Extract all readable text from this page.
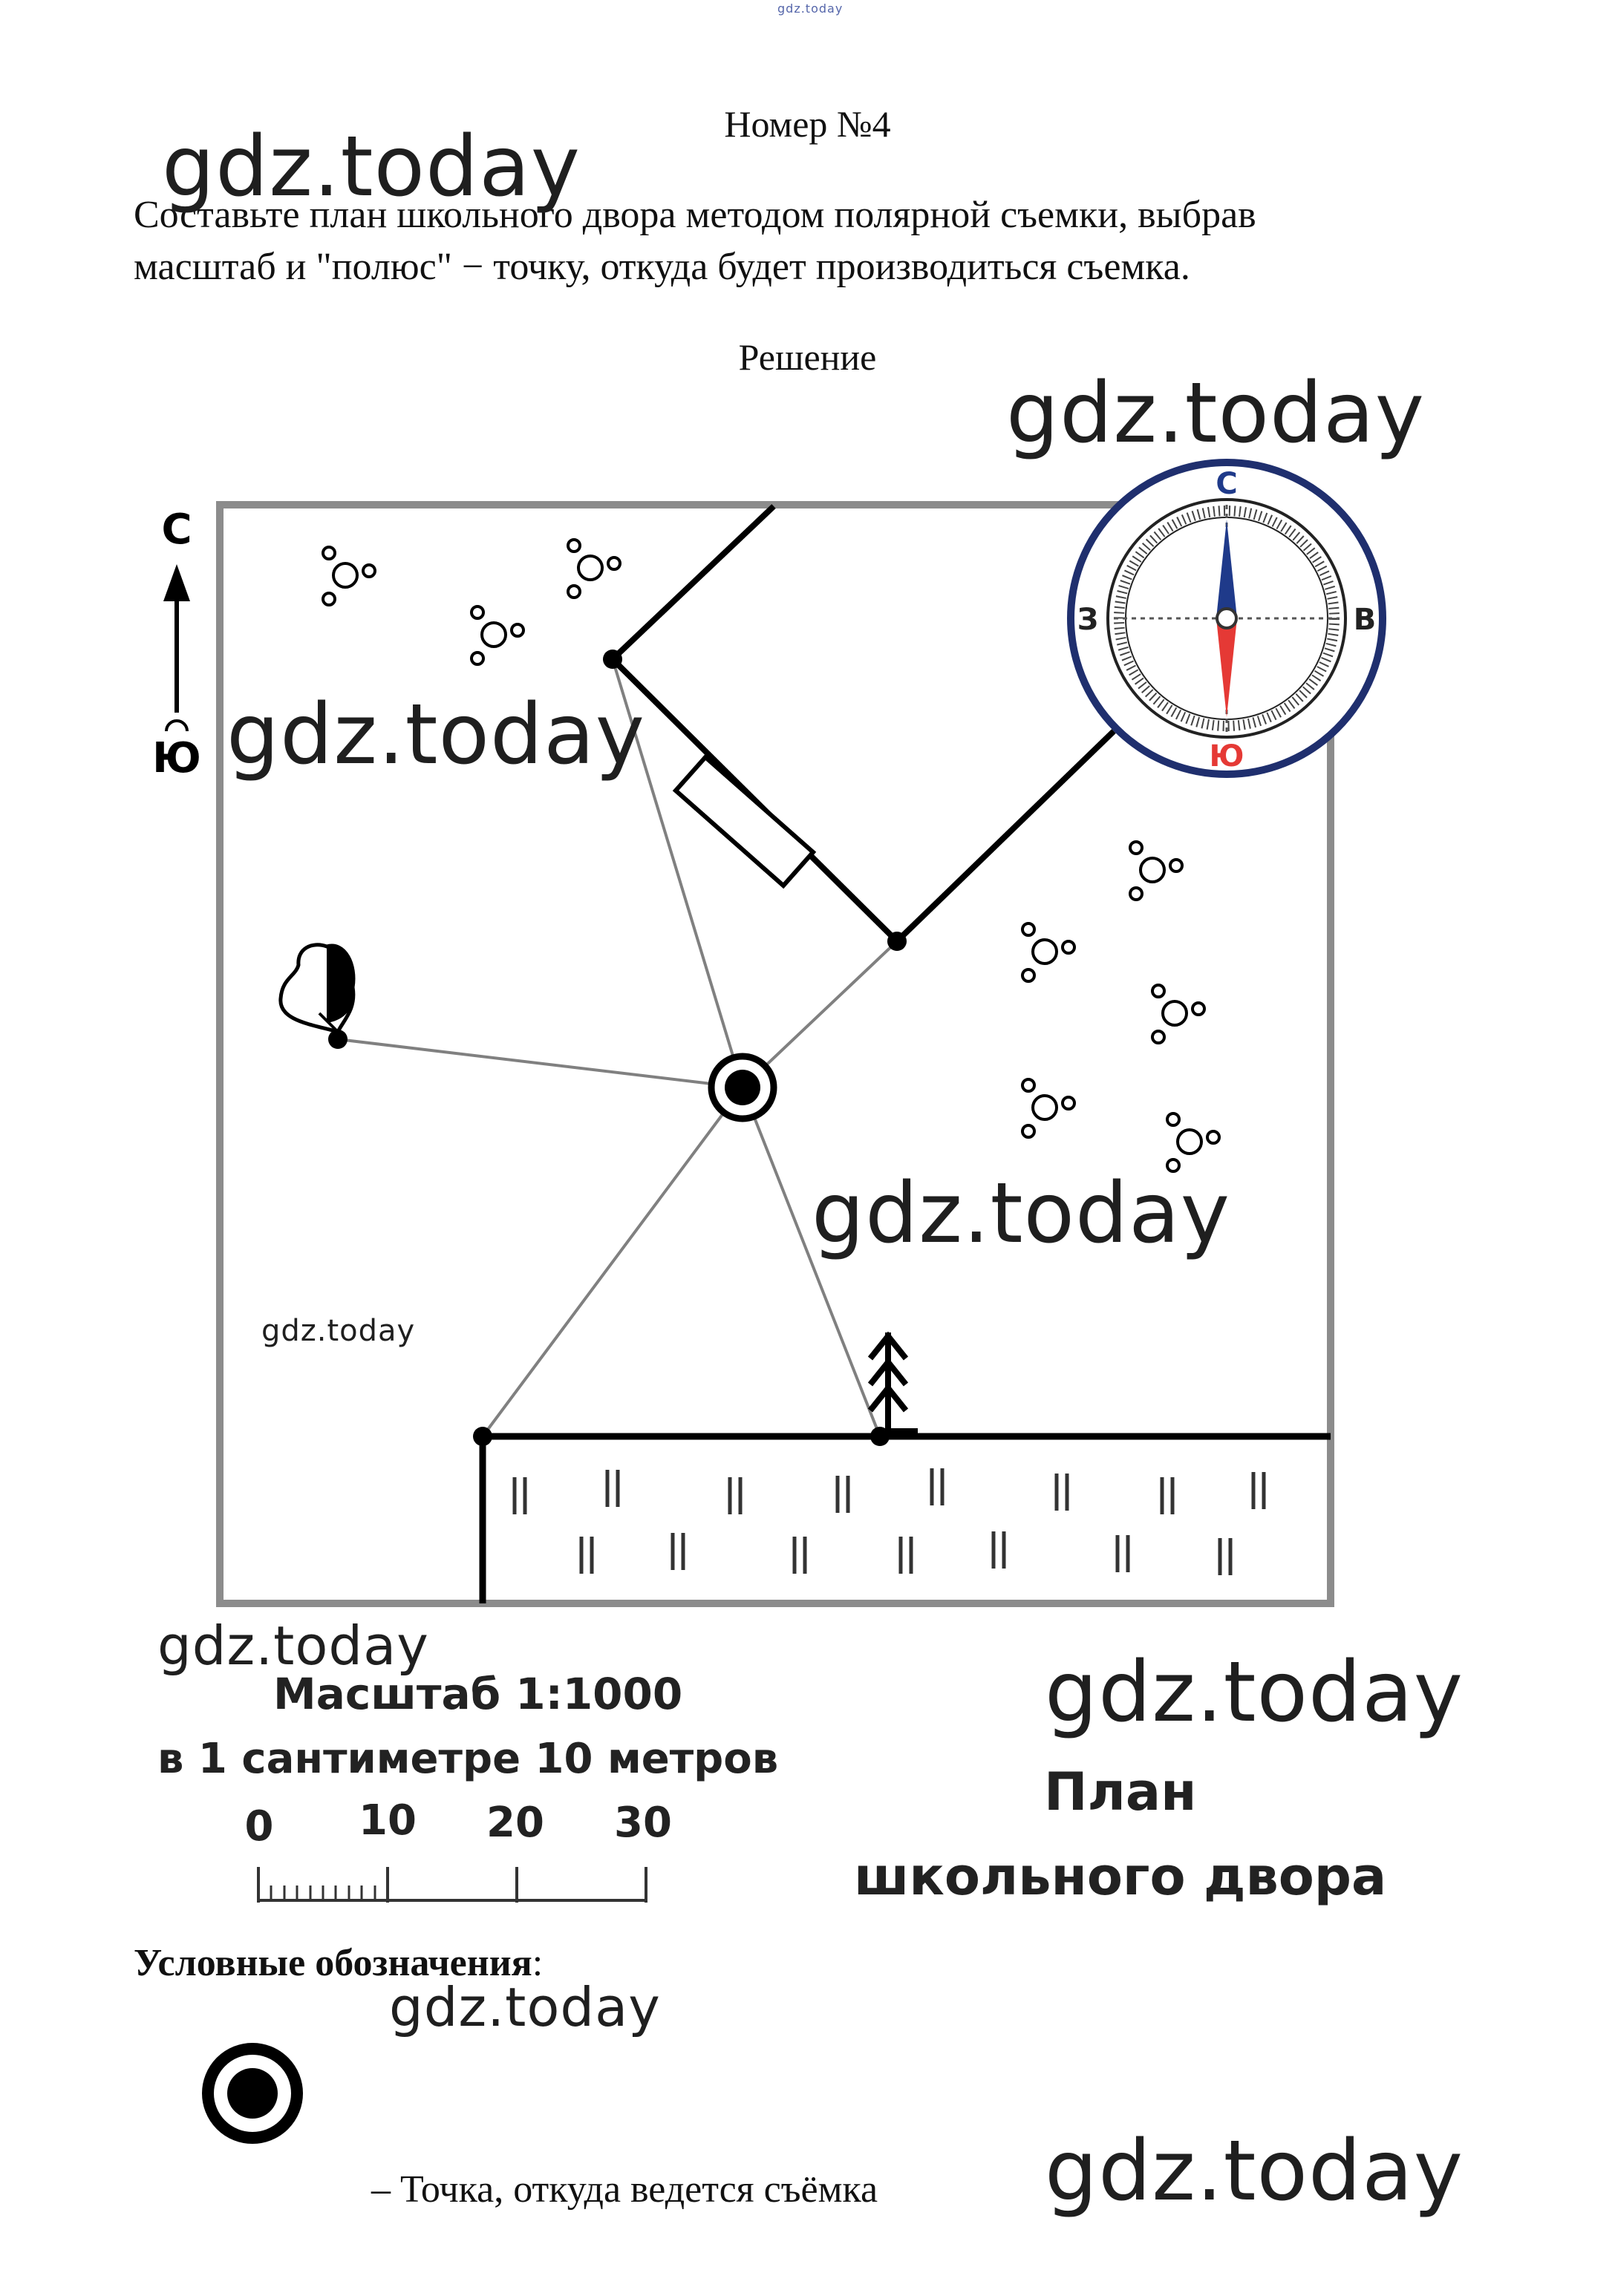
gdz.today
Номер №4
Составьте план школьного двора методом полярной съемки, выбрав
масштаб и "полюс" − точку, откуда будет производиться съемка.
Решение
С
Ю
С
Ю
З	В
Масштаб 1:1000
в 1 сантиметре 10 метров
0 10 20 30
План
школьного двора
Условные обозначения:
– Точка, откуда ведется съёмка
gdz.today
gdz.today
gdz.today
gdz.today
gdz.today
gdz.today	gdz.today
gdz.today
gdz.today
